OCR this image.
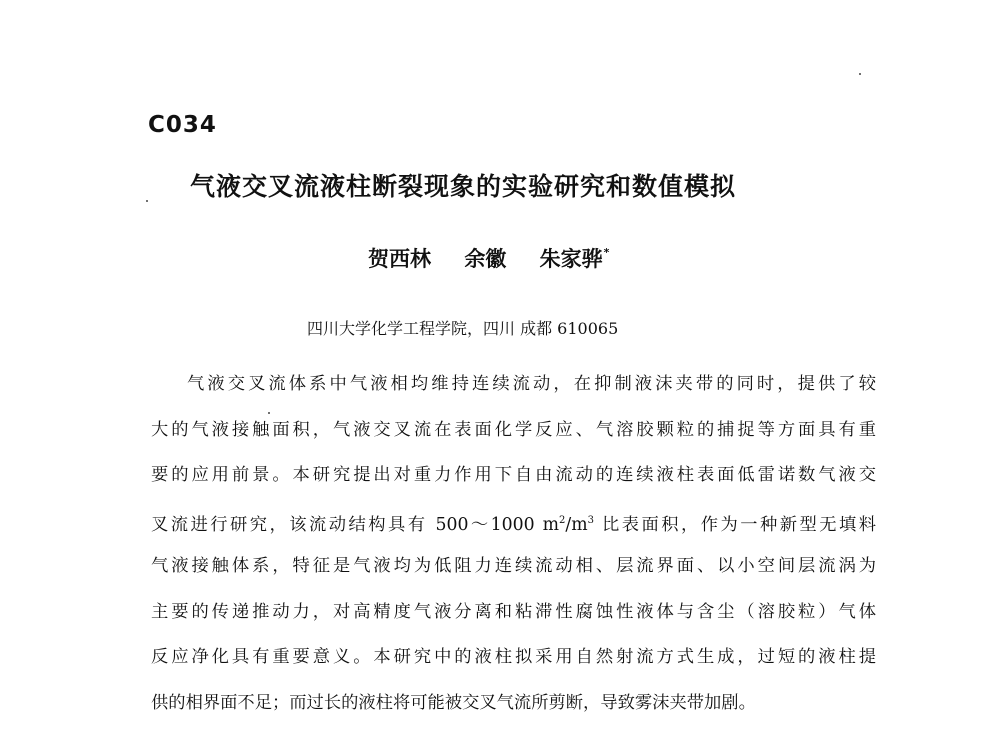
C034
气液交叉流液柱断裂现象的实验研究和数值模拟
贺西林 余徽 朱家骅*
四川大学化学工程学院，四川 成都 610065
气液交叉流体系中气液相均维持连续流动，在抑制液沫夹带的同时，提供了较
大的气液接触面积，气液交叉流在表面化学反应、气溶胶颗粒的捕捉等方面具有重
要的应用前景。本研究提出对重力作用下自由流动的连续液柱表面低雷诺数气液交
叉流进行研究，该流动结构具有 500～1000 $m^2/m^3$ 比表面积，作为一种新型无填料
气液接触体系，特征是气液均为低阻力连续流动相、层流界面、以小空间层流涡为
主要的传递推动力，对高精度气液分离和粘滞性腐蚀性液体与含尘（溶胶粒）气体
反应净化具有重要意义。本研究中的液柱拟采用自然射流方式生成，过短的液柱提
供的相界面不足；而过长的液柱将可能被交叉气流所剪断，导致雾沫夹带加剧。
